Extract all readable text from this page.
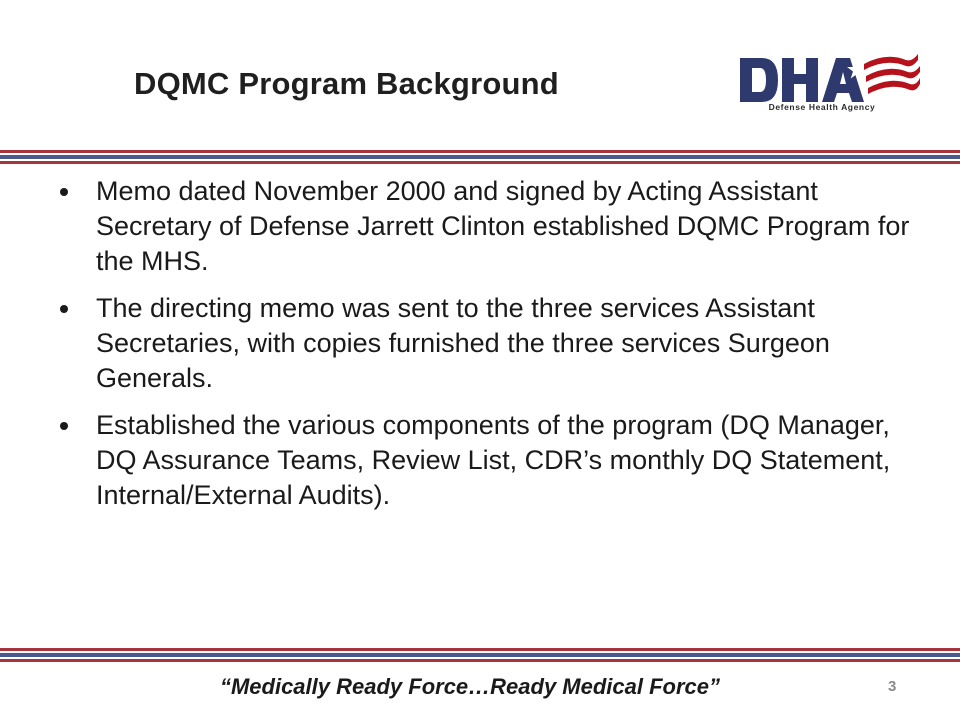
DQMC Program Background
Defense Health Agency
Memo dated November 2000 and signed by Acting Assistant Secretary of Defense Jarrett Clinton established DQMC Program for the MHS.
The directing memo was sent to the three services Assistant Secretaries, with copies furnished the three services Surgeon Generals.
Established the various components of the program (DQ Manager, DQ Assurance Teams, Review List, CDR’s monthly DQ Statement, Internal/External Audits).
“Medically Ready Force…Ready Medical Force”	3
